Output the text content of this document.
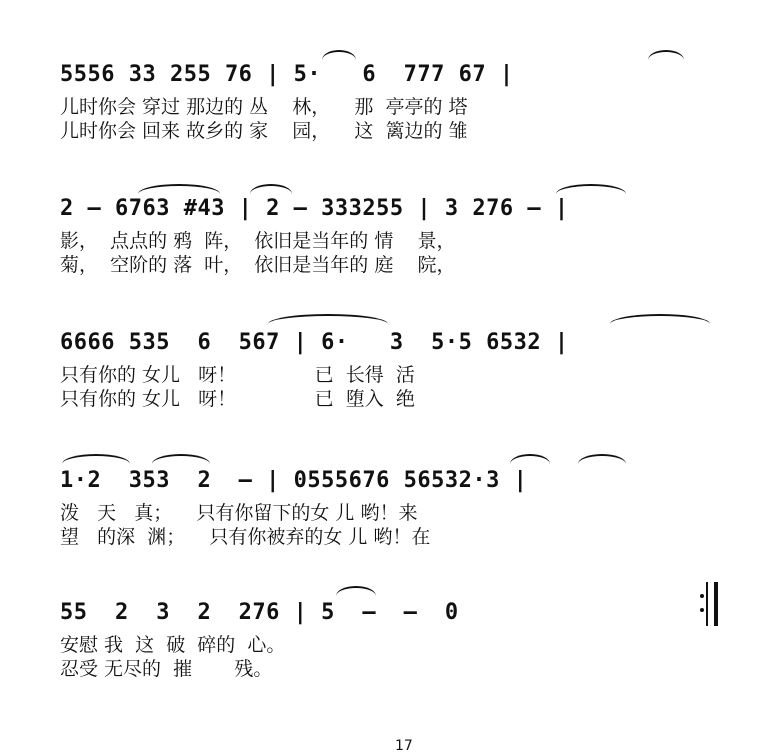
5556 33 255 76 | 5·   6  777 67 |
儿时你会 穿过 那边的 丛    林，    那  亭亭的 塔
儿时你会 回来 故乡的 家    园，    这  篱边的 雏
2 — 6763 #43 | 2 — 333255 | 3 276 — |
影，  点点的 鸦  阵，  依旧是当年的 情    景，
菊，  空阶的 落  叶，  依旧是当年的 庭    院，
6666 535  6  567 | 6·   3  5·5 6532 |
只有你的 女儿   呀！             已  长得  活
只有你的 女儿   呀！             已  堕入  绝
1·2  353  2  — | 0555676 56532·3 |
泼   天   真；    只有你留下的女 儿 哟！来
望   的深  渊；    只有你被弃的女 儿 哟！在
55  2  3  2  276 | 5  —  —  0
安慰 我  这  破  碎的  心。
忍受 无尽的  摧       残。
17
